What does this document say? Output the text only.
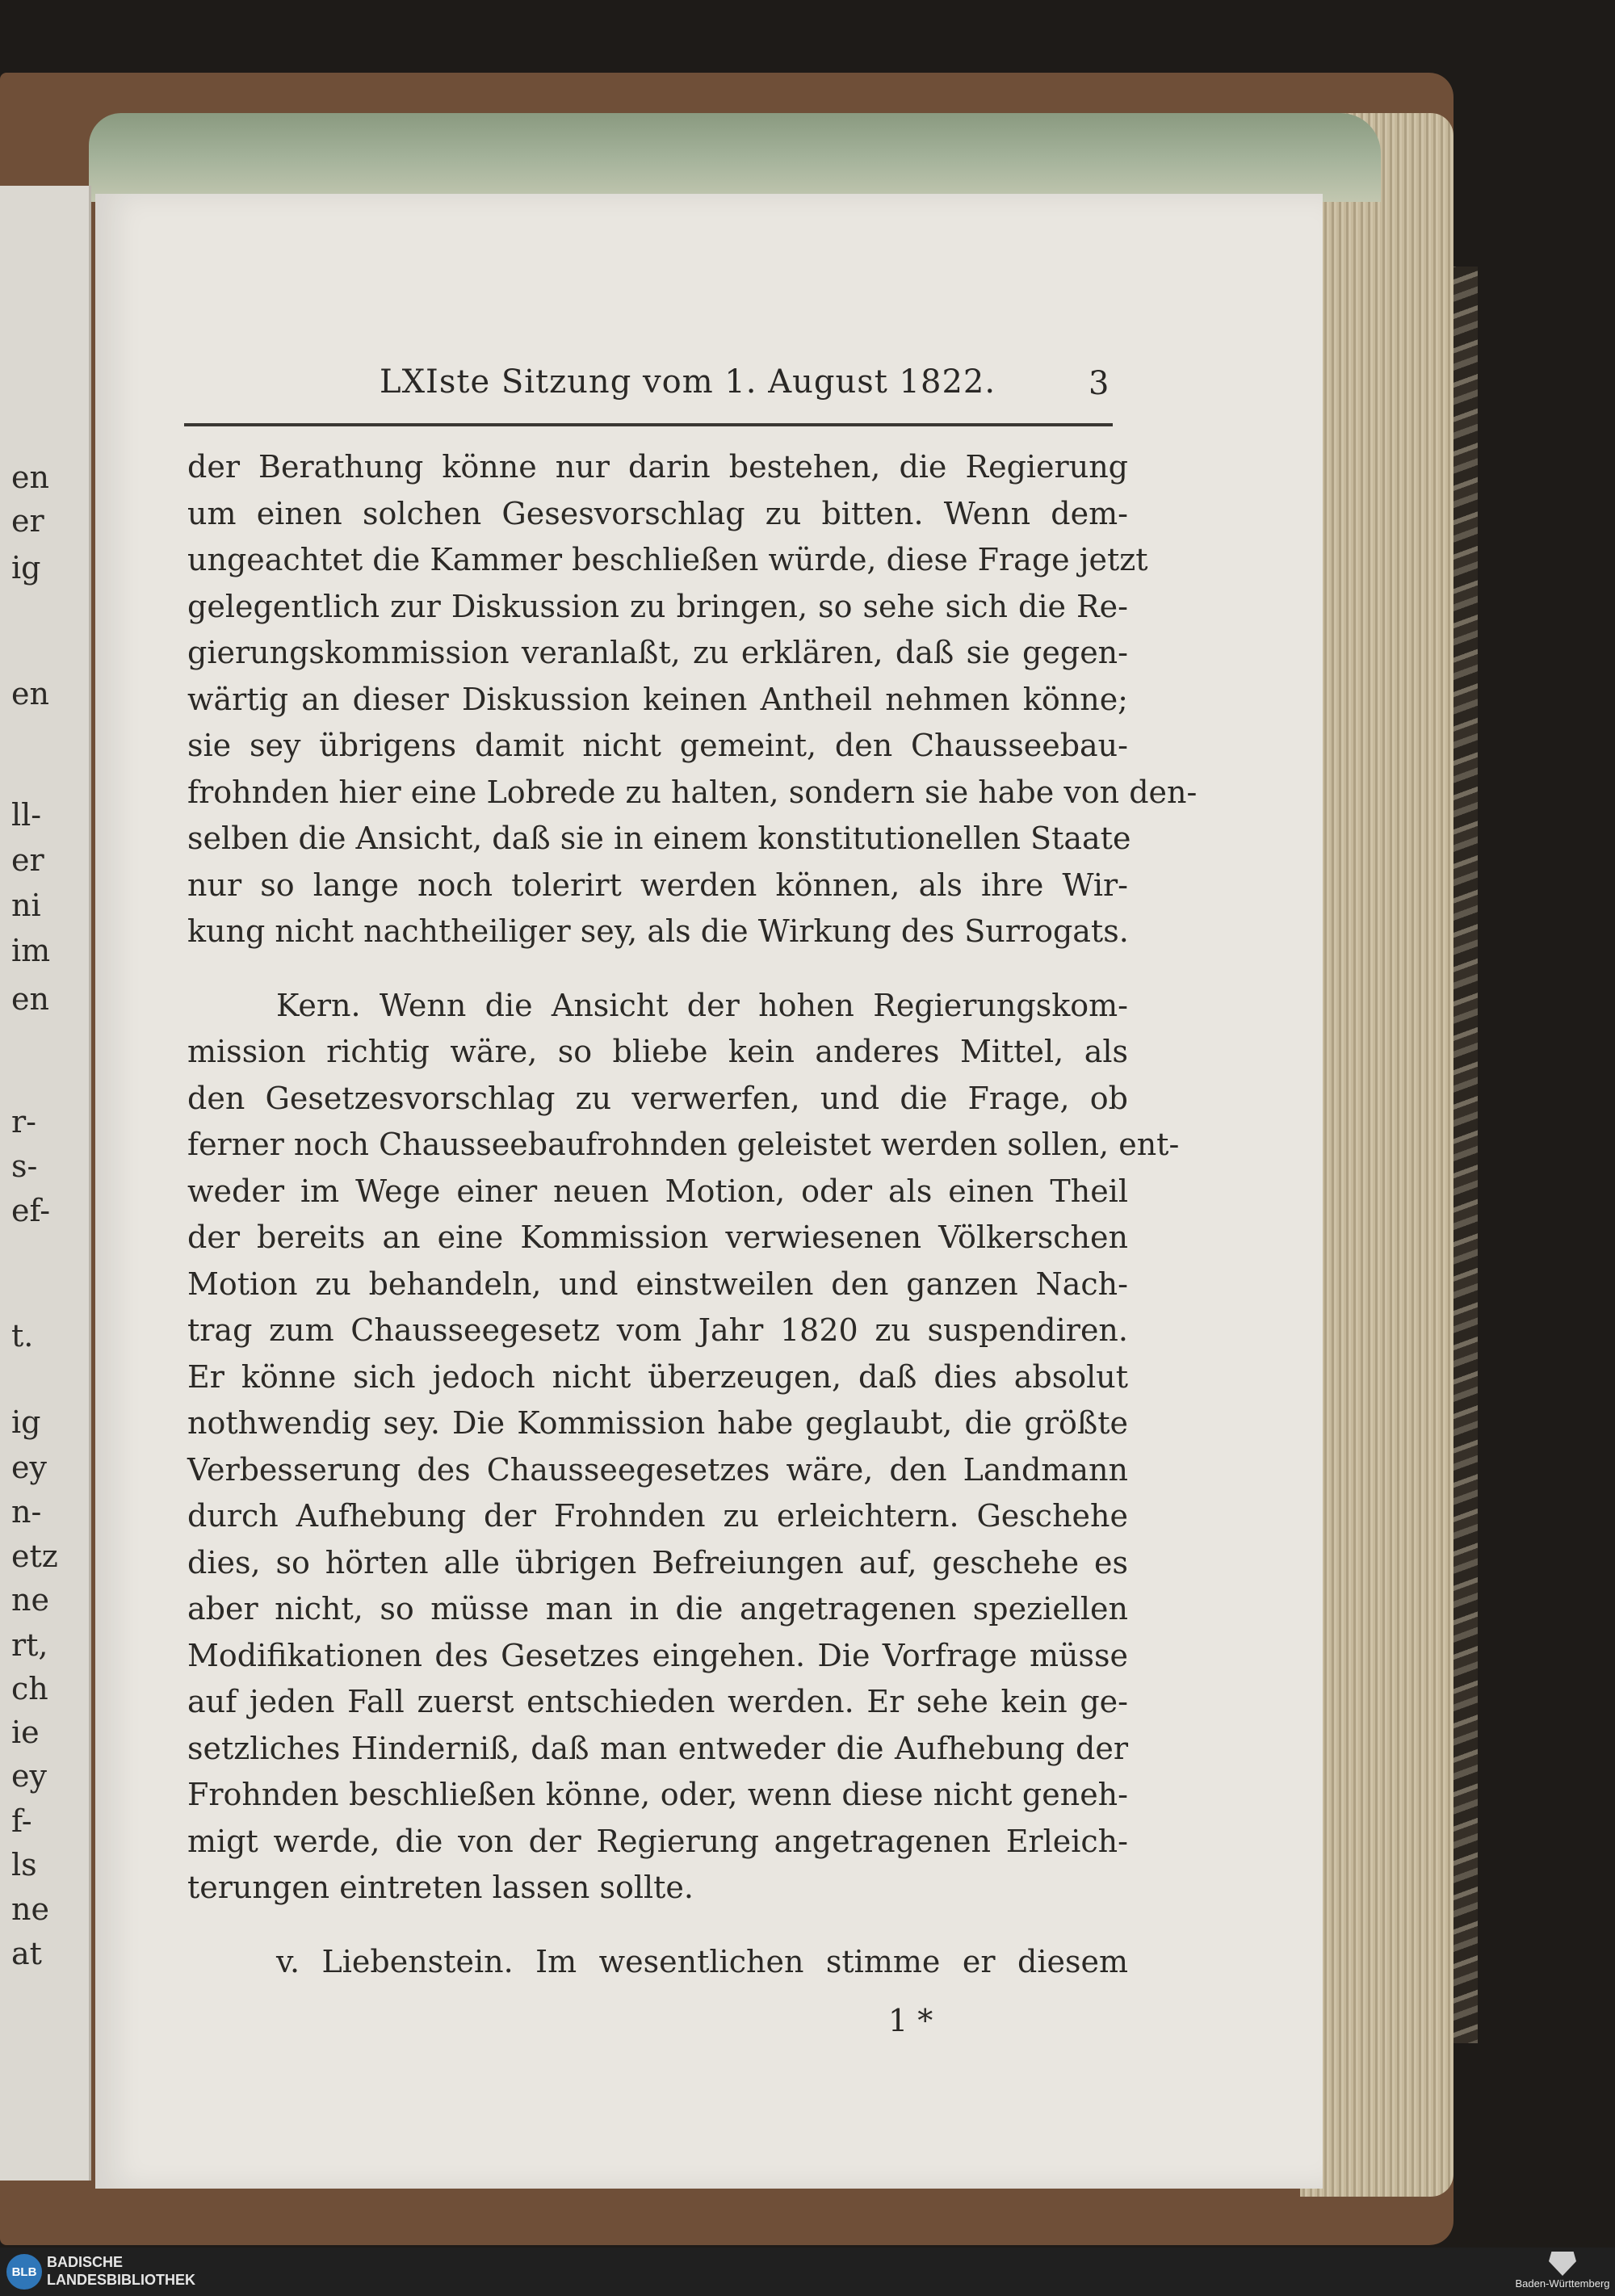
en
er
ig
en
ll-
er
ni
im
en
r-
s-
ef-
t.
ig
ey
n-
etz
ne
rt,
ch
ie
ey
f-
ls
ne
at
LXIste Sitzung vom 1. August 1822.	3
der Berathung könne nur darin bestehen, die Regierung
um einen solchen Gesesvorschlag zu bitten. Wenn dem-
ungeachtet die Kammer beschließen würde, diese Frage jetzt
gelegentlich zur Diskussion zu bringen, so sehe sich die Re-
gierungskommission veranlaßt, zu erklären, daß sie gegen-
wärtig an dieser Diskussion keinen Antheil nehmen könne;
sie sey übrigens damit nicht gemeint, den Chausseebau-
frohnden hier eine Lobrede zu halten, sondern sie habe von den-
selben die Ansicht, daß sie in einem konstitutionellen Staate
nur so lange noch tolerirt werden können, als ihre Wir-
kung nicht nachtheiliger sey, als die Wirkung des Surrogats.
Kern. Wenn die Ansicht der hohen Regierungskom-
mission richtig wäre, so bliebe kein anderes Mittel, als
den Gesetzesvorschlag zu verwerfen, und die Frage, ob
ferner noch Chausseebaufrohnden geleistet werden sollen, ent-
weder im Wege einer neuen Motion, oder als einen Theil
der bereits an eine Kommission verwiesenen Völkerschen
Motion zu behandeln, und einstweilen den ganzen Nach-
trag zum Chausseegesetz vom Jahr 1820 zu suspendiren.
Er könne sich jedoch nicht überzeugen, daß dies absolut
nothwendig sey. Die Kommission habe geglaubt, die größte
Verbesserung des Chausseegesetzes wäre, den Landmann
durch Aufhebung der Frohnden zu erleichtern. Geschehe
dies, so hörten alle übrigen Befreiungen auf, geschehe es
aber nicht, so müsse man in die angetragenen speziellen
Modifikationen des Gesetzes eingehen. Die Vorfrage müsse
auf jeden Fall zuerst entschieden werden. Er sehe kein ge-
setzliches Hinderniß, daß man entweder die Aufhebung der
Frohnden beschließen könne, oder, wenn diese nicht geneh-
migt werde, die von der Regierung angetragenen Erleich-
terungen eintreten lassen sollte.
v. Liebenstein. Im wesentlichen stimme er diesem
1 *
BLB
BADISCHE
LANDESBIBLIOTHEK	Baden-Württemberg
